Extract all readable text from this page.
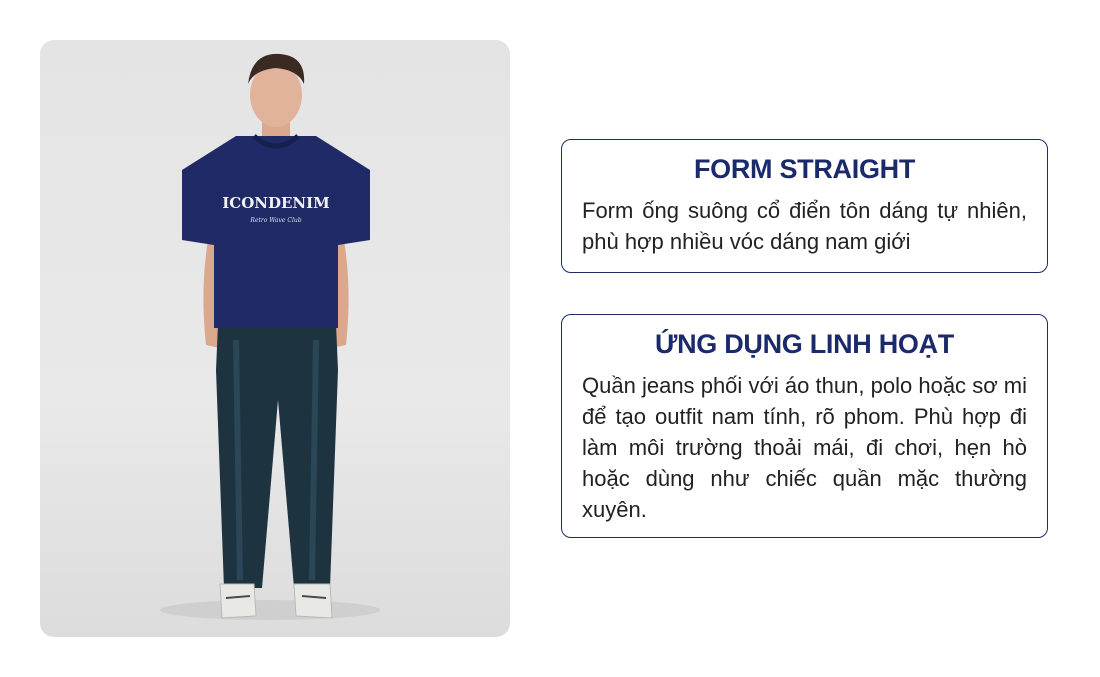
ICONDENIM
Retro Wave Club
FORM STRAIGHT

Form ống suông cổ điển tôn dáng tự nhiên, phù hợp nhiều vóc dáng nam giới

ỨNG DỤNG LINH HOẠT

Quần jeans phối với áo thun, polo hoặc sơ mi để tạo outfit nam tính, rõ phom. Phù hợp đi làm môi trường thoải mái, đi chơi, hẹn hò hoặc dùng như chiếc quần mặc thường xuyên.
